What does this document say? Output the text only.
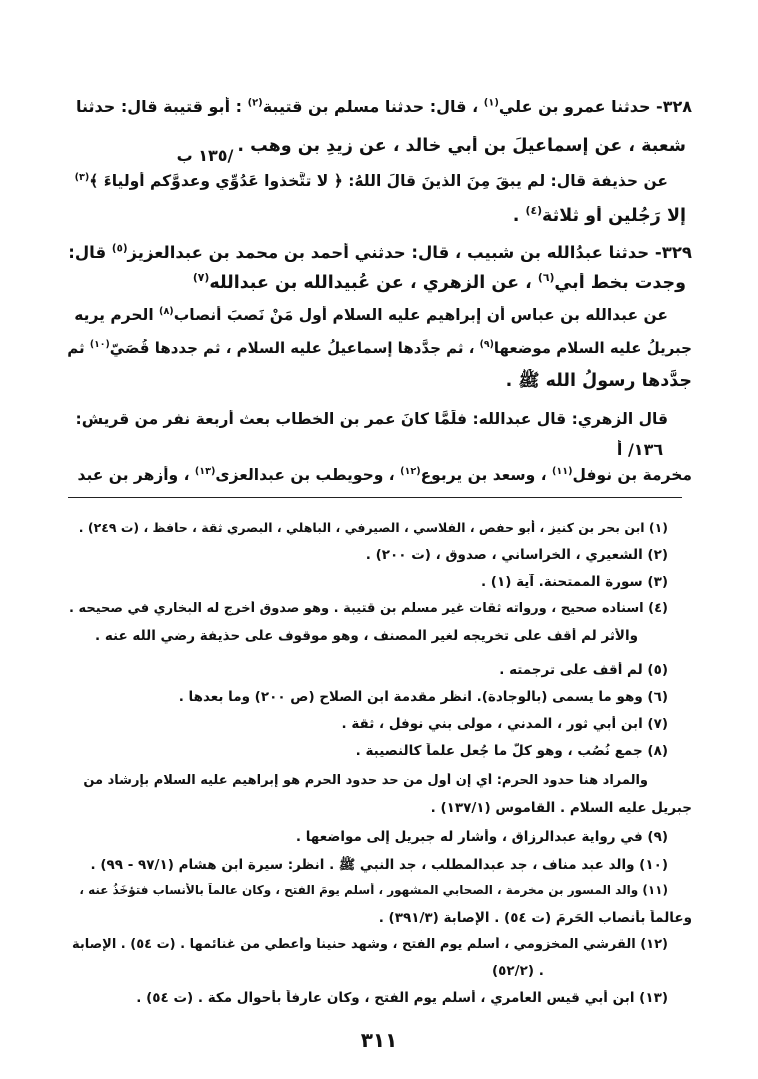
٣٢٨- حدثنا عمرو بن علي$^{(١)}$ ، قال: حدثنا مسلم بن قتيبة$^{(٢)}$ : أبو قتيبة قال: حدثنا
شعبة ، عن إسماعيلَ بن أبي خالد ، عن زيدِ بن وهب .
/١٣٥ ب
عن حذيفة قال: لم يبقَ مِنَ الذينَ قالَ اللهُ: ﴿ لا تتَّخذوا عَدُوِّي وعدوَّكم أولياءَ ﴾$^{(٣)}$
إلا رَجُلين أو ثلاثة$^{(٤)}$ .
٣٢٩- حدثنا عبدُالله بن شبيب ، قال: حدثني أحمد بن محمد بن عبدالعزيز$^{(٥)}$ قال:
وجدت بخط أبي$^{(٦)}$ ، عن الزهري ، عن عُبيدالله بن عبدالله$^{(٧)}$
عن عبدالله بن عباس أن إبراهيم عليه السلام أول مَنْ نَصبَ أنصاب$^{(٨)}$ الحرم يريه
جبريلُ عليه السلام موضعها$^{(٩)}$ ، ثم جدَّدها إسماعيلُ عليه السلام ، ثم جددها قُصَيّ$^{(١٠)}$ ثم
جدَّدها رسولُ الله ﷺ .
قال الزهري: قال عبدالله: فلَمَّا كانَ عمر بن الخطاب بعث أربعة نفر من قريش:
١٣٦/ أ
مخرمة بن نوفل$^{(١١)}$ ، وسعد بن يربوع$^{(١٢)}$ ، وحويطب بن عبدالعزى$^{(١٣)}$ ، وأزهر بن عبد
(١) ابن بحر بن كنيز ، أبو حفص ، الفلاسي ، الصيرفي ، الباهلي ، البصري ثقة ، حافظ ، (ت ٢٤٩) .
(٢) الشعيري ، الخراساني ، صدوق ، (ت ٢٠٠) .
(٣) سورة الممتحنة. آية (١) .
(٤) اسناده صحيح ، ورواته ثقات غير مسلم بن قتيبة . وهو صدوق أخرج له البخاري في صحيحه .
والأثر لم أقف على تخريجه لغير المصنف ، وهو موقوف على حذيفة رضي الله عنه .
(٥) لم أقف على ترجمته .
(٦) وهو ما يسمى (بالوجادة). انظر مقدمة ابن الصلاح (ص ٢٠٠) وما بعدها .
(٧) ابن أبي ثور ، المدني ، مولى بني نوفل ، ثقة .
(٨) جمع نُصُب ، وهو كلُّ ما جُعل علماً كالنصيبة .
والمراد هنا حدود الحرم: أي إن أول من حد حدود الحرم هو إبراهيم عليه السلام بإرشاد من
جبريل عليه السلام . القاموس (١٣٧/١) .
(٩) في رواية عبدالرزاق ، وأشار له جبريل إلى مواضعها .
(١٠) والد عبد مناف ، جد عبدالمطلب ، جد النبي ﷺ . انظر: سيرة ابن هشام (٩٧/١ - ٩٩) .
(١١) والد المسور بن مخرمة ، الصحابي المشهور ، أسلم يومَ الفتح ، وكان عالماً بالأنساب فتؤخَذُ عنه ،
وعالماً بأنصاب الحَرمَ (ت ٥٤) . الإصابة (٣٩١/٣) .
(١٢) القرشي المخزومي ، أسلم يوم الفتح ، وشهد حنيناً وأعطي من غنائمها . (ت ٥٤) . الإصابة
(٥٢/٢) .
(١٣) ابن أبي قيس العامري ، أسلم يوم الفتح ، وكان عارفاً بأحوال مكة . (ت ٥٤) .
٣١١
